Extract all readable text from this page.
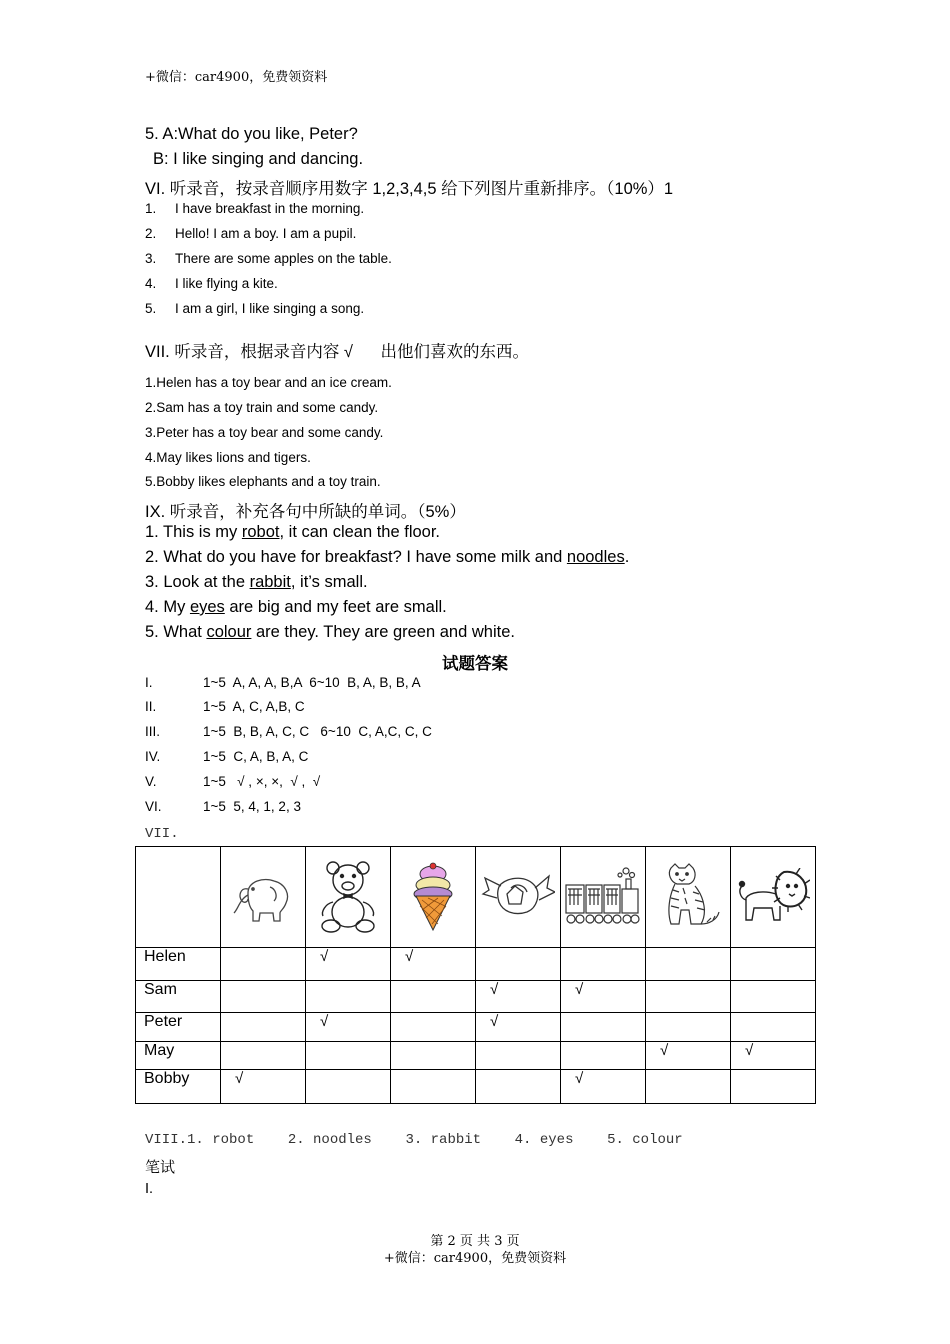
+微信：car4900，免费领资料
5. A:What do you like, Peter?
B: I like singing and dancing.
VI. 听录音，按录音顺序用数字 1,2,3,4,5 给下列图片重新排序。（10%）1
1. I have breakfast in the morning.
2. Hello! I am a boy. I am a pupil.
3. There are some apples on the table.
4. I like flying a kite.
5. I am a girl, I like singing a song.
VII. 听录音，根据录音内容 √      出他们喜欢的东西。
1.Helen has a toy bear and an ice cream.
2.Sam has a toy train and some candy.
3.Peter has a toy bear and some candy.
4.May likes lions and tigers.
5.Bobby likes elephants and a toy train.
IX. 听录音，补充各句中所缺的单词。（5%）
1. This is my robot, it can clean the floor.
2. What do you have for breakfast? I have some milk and noodles.
3. Look at the rabbit, it’s small.
4. My eyes are big and my feet are small.
5. What colour are they. They are green and white.
试题答案
I.	1~5  A, A, A, B,A  6~10  B, A, B, B, A
II.	1~5  A, C, A,B, C
III.	1~5  B, B, A, C, C   6~10  C, A,C, C, C
IV.	1~5  C, A, B, A, C
V.	1~5   √ , ×, ×,  √ ,  √
VI.	1~5  5, 4, 1, 2, 3
VII.

Helen		√	√				
Sam				√	√		
Peter		√		√			
May						√	√
Bobby	√				√		
VIII.1. robot    2. noodles    3. rabbit    4. eyes    5. colour
笔试
I.
第 2 页 共 3 页
+微信：car4900，免费领资料
